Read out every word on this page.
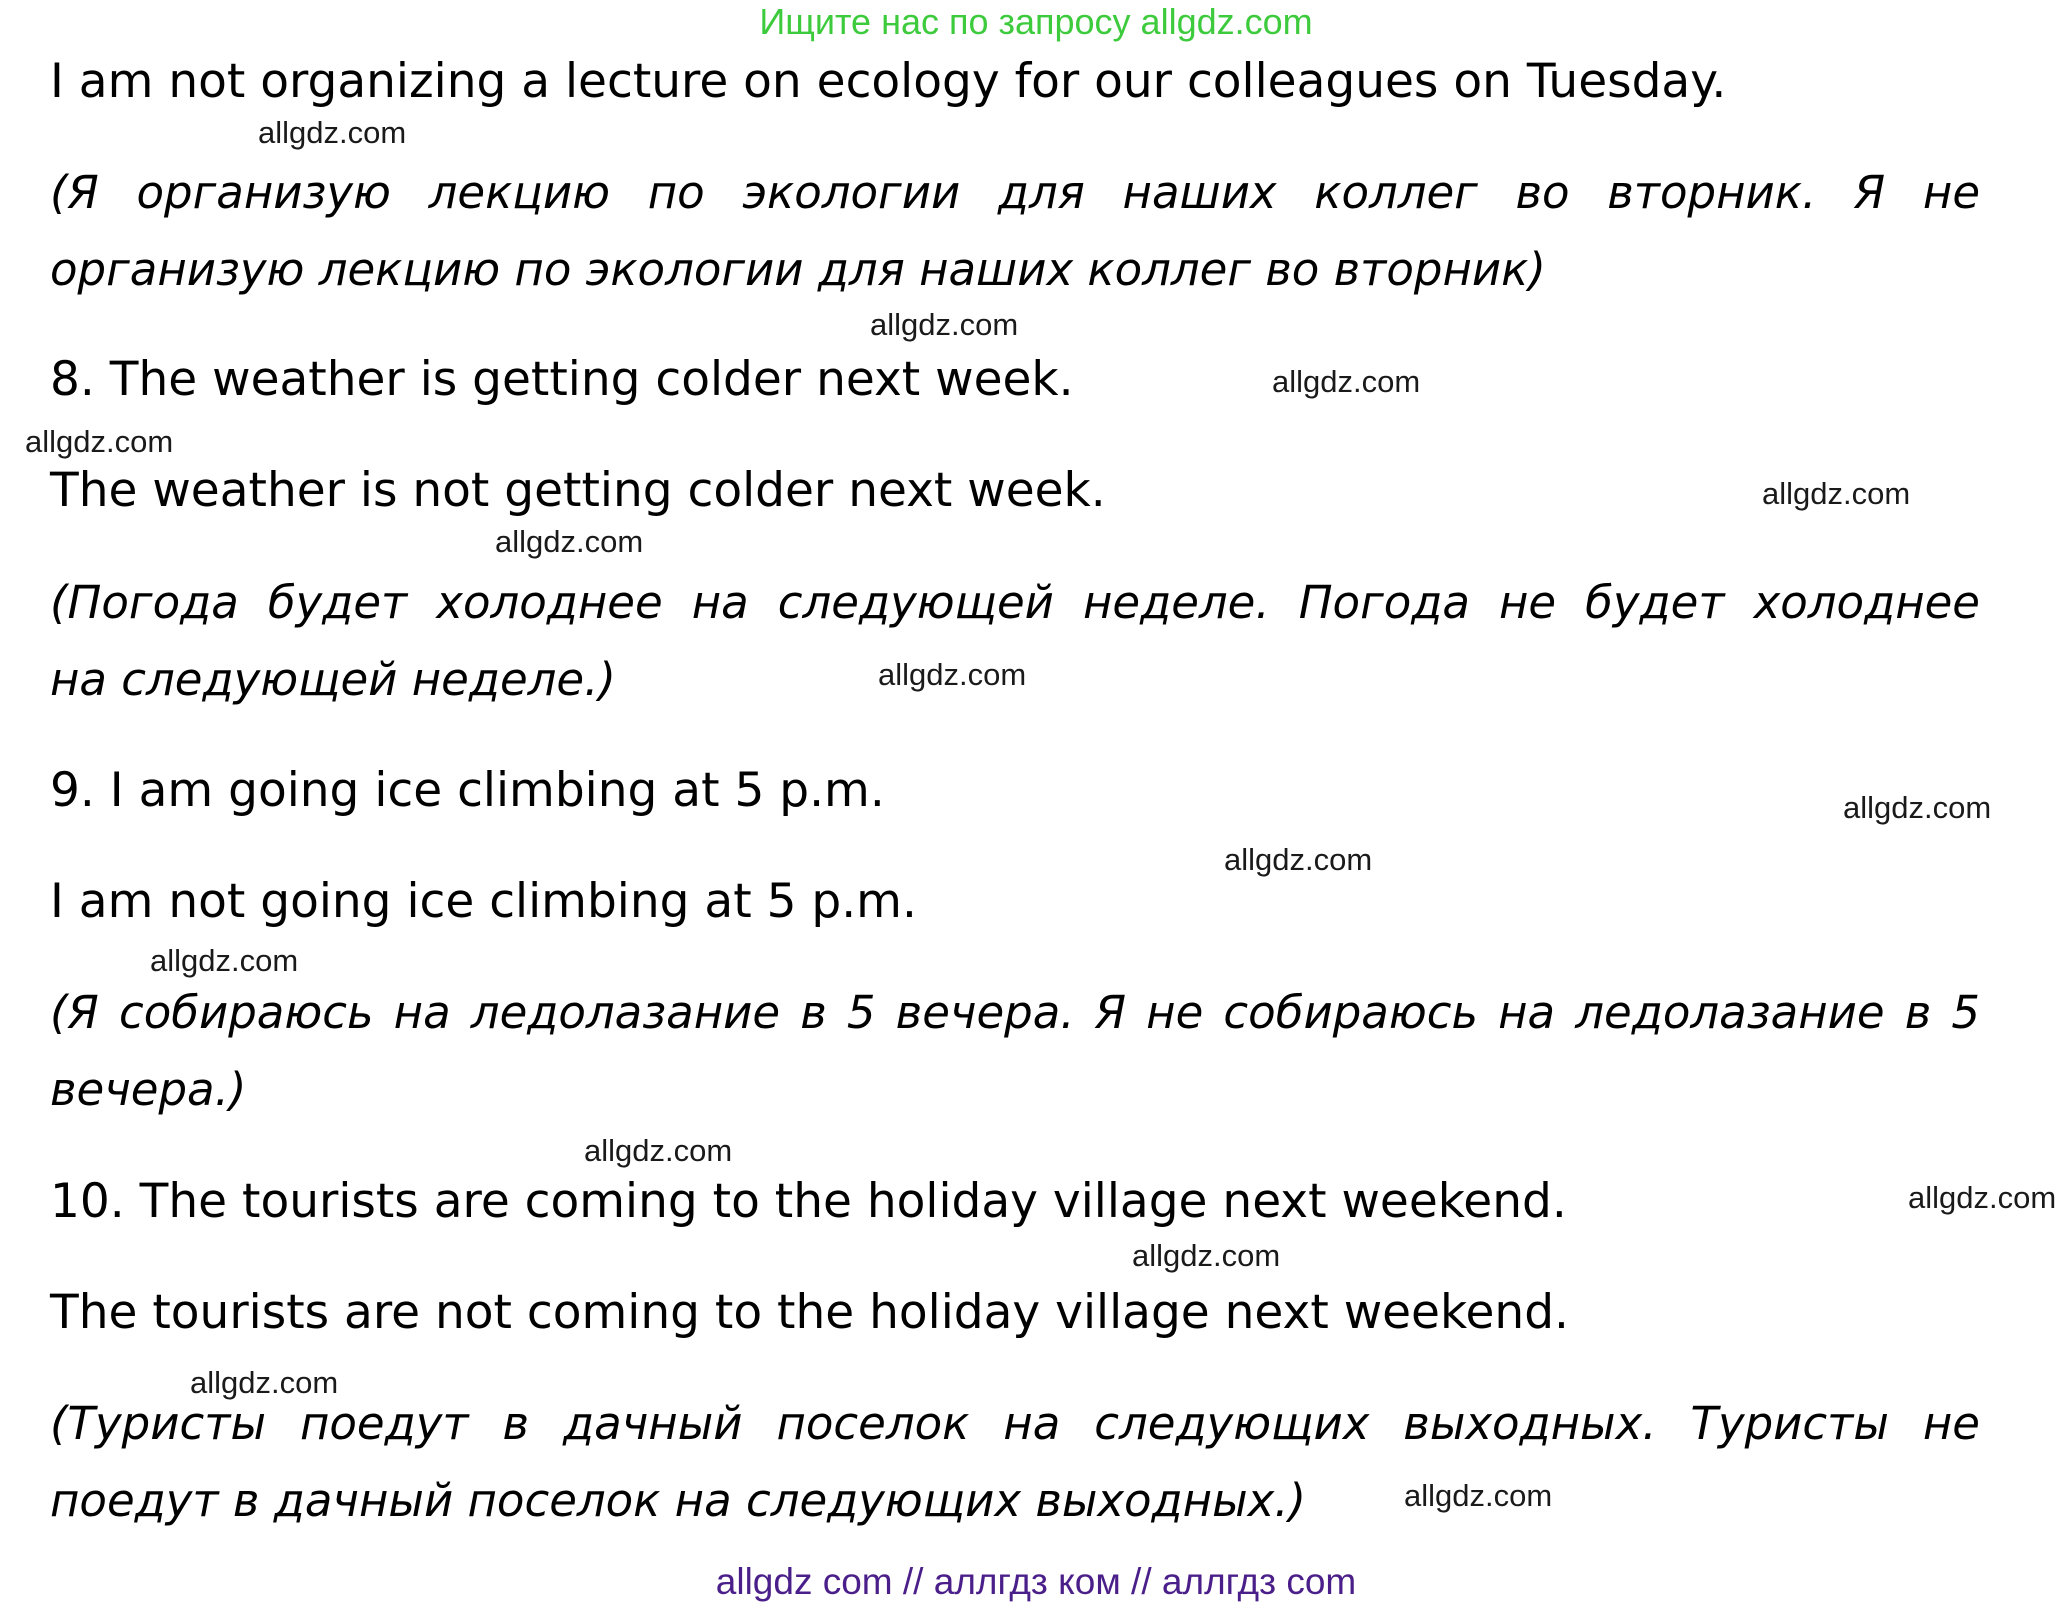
Ищите нас по запросу allgdz.com
I am not organizing a lecture on ecology for our colleagues on Tuesday.
(Я организую лекцию по экологии для наших коллег во вторник. Я не
организую лекцию по экологии для наших коллег во вторник)
8. The weather is getting colder next week.
The weather is not getting colder next week.
(Погода будет холоднее на следующей неделе. Погода не будет холоднее
на следующей неделе.)
9. I am going ice climbing at 5 p.m.
I am not going ice climbing at 5 p.m.
(Я собираюсь на ледолазание в 5 вечера. Я не собираюсь на ледолазание в 5
вечера.)
10. The tourists are coming to the holiday village next weekend.
The tourists are not coming to the holiday village next weekend.
(Туристы поедут в дачный поселок на следующих выходных. Туристы не
поедут в дачный поселок на следующих выходных.)
allgdz.com
allgdz.com
allgdz.com
allgdz.com
allgdz.com
allgdz.com
allgdz.com
allgdz.com
allgdz.com
allgdz.com
allgdz.com
allgdz.com
allgdz.com
allgdz.com
allgdz.com
allgdz com // аллгдз ком // аллгдз com
